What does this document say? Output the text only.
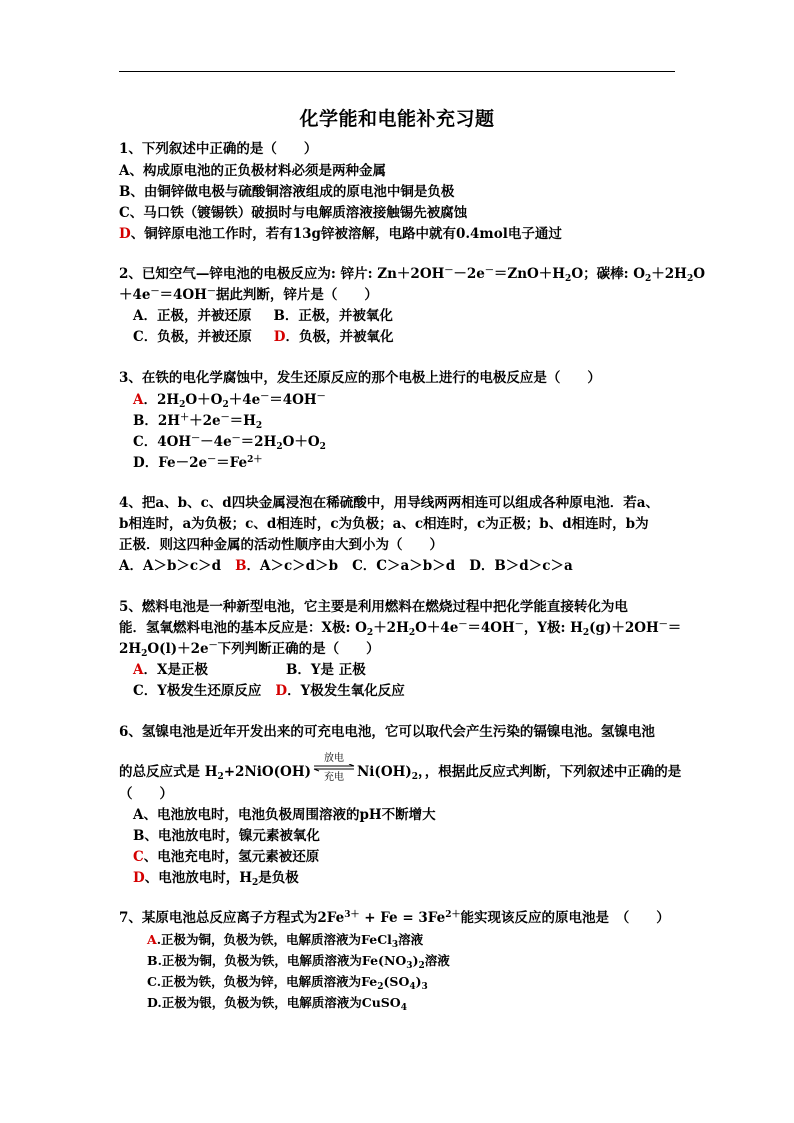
化学能和电能补充习题
1、下列叙述中正确的是（　　）
A、构成原电池的正负极材料必须是两种金属
B、由铜锌做电极与硫酸铜溶液组成的原电池中铜是负极
C、马口铁（镀锡铁）破损时与电解质溶液接触锡先被腐蚀
D、铜锌原电池工作时，若有13g锌被溶解，电路中就有0.4mol电子通过
2、已知空气—锌电池的电极反应为: 锌片: $Zn+2OH^--2e^-=ZnO+H_2O$；碳棒: $O_2+2H_2O$
＋4e－＝4OH－据此判断，锌片是（　　）
A．正极，并被还原 B．正极，并被氧化
C．负极，并被还原 D．负极，并被氧化
3、在铁的电化学腐蚀中，发生还原反应的那个电极上进行的电极反应是（　　）
A．$2H_2O+O_2+4e^-=4OH^-$
B．$2H^++2e^-=H_2$
C．$4OH^--4e^-=2H_2O+O_2$
D．$Fe-2e^-=Fe^{2+}$
4、把a、b、c、d四块金属浸泡在稀硫酸中，用导线两两相连可以组成各种原电池．若a、
b相连时，a为负极；c、d相连时，c为负极；a、c相连时，c为正极；b、d相连时，b为
正极．则这四种金属的活动性顺序由大到小为（　　）
A．A＞b＞c＞d B．A＞c＞d＞b C．C＞a＞b＞d D．B＞d＞c＞a
5、燃料电池是一种新型电池，它主要是利用燃料在燃烧过程中把化学能直接转化为电
能．氢氧燃料电池的基本反应是：X极: $O_2+2H_2O+4e^-=4OH^-$，Y极: $H_2(g)+2OH^-=$
$2H_2O(l)+2e^-$下列判断正确的是（　　）
A．X是正极	B．Y是 正极
C．Y极发生还原反应 D．Y极发生氧化反应
6、氢镍电池是近年开发出来的可充电电池，它可以取代会产生污染的镉镍电池。氢镍电池
的总反应式是 $H_2+2NiO(OH)$
放电
充电 $Ni(OH)_2$，，根据此反应式判断，下列叙述中正确的是
（　　）
A、电池放电时，电池负极周围溶液的pH不断增大
B、电池放电时，镍元素被氧化
C、电池充电时，氢元素被还原
D、电池放电时，$H_2$是负极
7、某原电池总反应离子方程式为$2Fe^{3+} + Fe = 3Fe^{2+}$能实现该反应的原电池是　（　　）
A.正极为铜，负极为铁，电解质溶液为FeCl$_3$溶液
B.正极为铜，负极为铁，电解质溶液为$Fe(NO_3)_2$溶液
C.正极为铁，负极为锌，电解质溶液为$Fe_2(SO_4)_3$
D.正极为银，负极为铁，电解质溶液为CuSO$_4$
